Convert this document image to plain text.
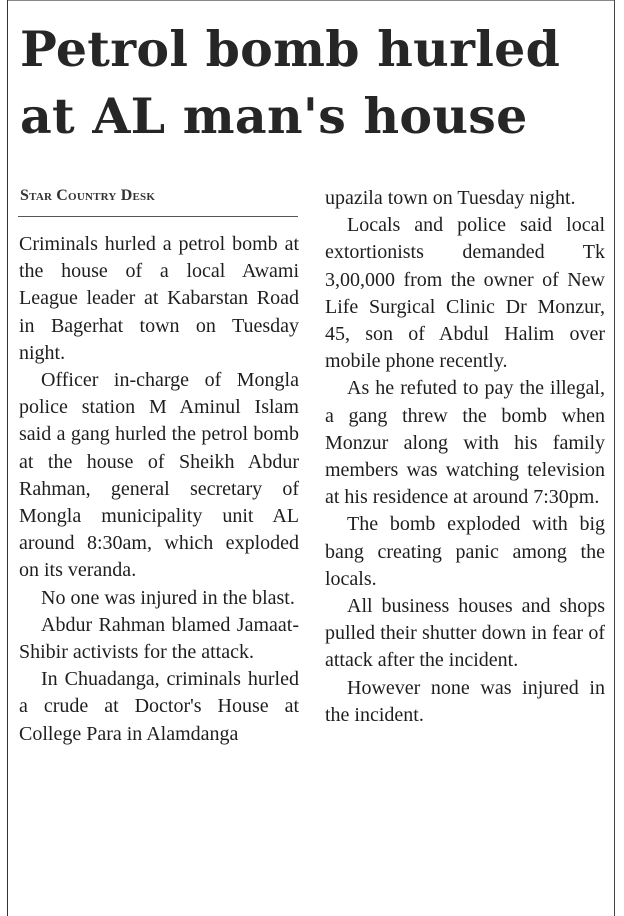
Petrol bomb hurled at AL man's house
Star Country Desk

Criminals hurled a petrol bomb at the house of a local Awami League leader at Kabarstan Road in Bagerhat town on Tuesday night.

Officer in-charge of Mongla police station M Aminul Islam said a gang hurled the petrol bomb at the house of Sheikh Abdur Rahman, general secretary of Mongla municipality unit AL around 8:30am, which exploded on its veranda.

No one was injured in the blast.

Abdur Rahman blamed Jamaat-Shibir activists for the attack.

In Chuadanga, criminals hurled a crude at Doctor's House at College Para in Alamdanga

upazila town on Tuesday night.

Locals and police said local extortionists demanded Tk 3,00,000 from the owner of New Life Surgical Clinic Dr Monzur, 45, son of Abdul Halim over mobile phone recently.

As he refuted to pay the illegal, a gang threw the bomb when Monzur along with his family members was watching television at his residence at around 7:30pm.

The bomb exploded with big bang creating panic among the locals.

All business houses and shops pulled their shutter down in fear of attack after the incident.

However none was injured in the incident.
